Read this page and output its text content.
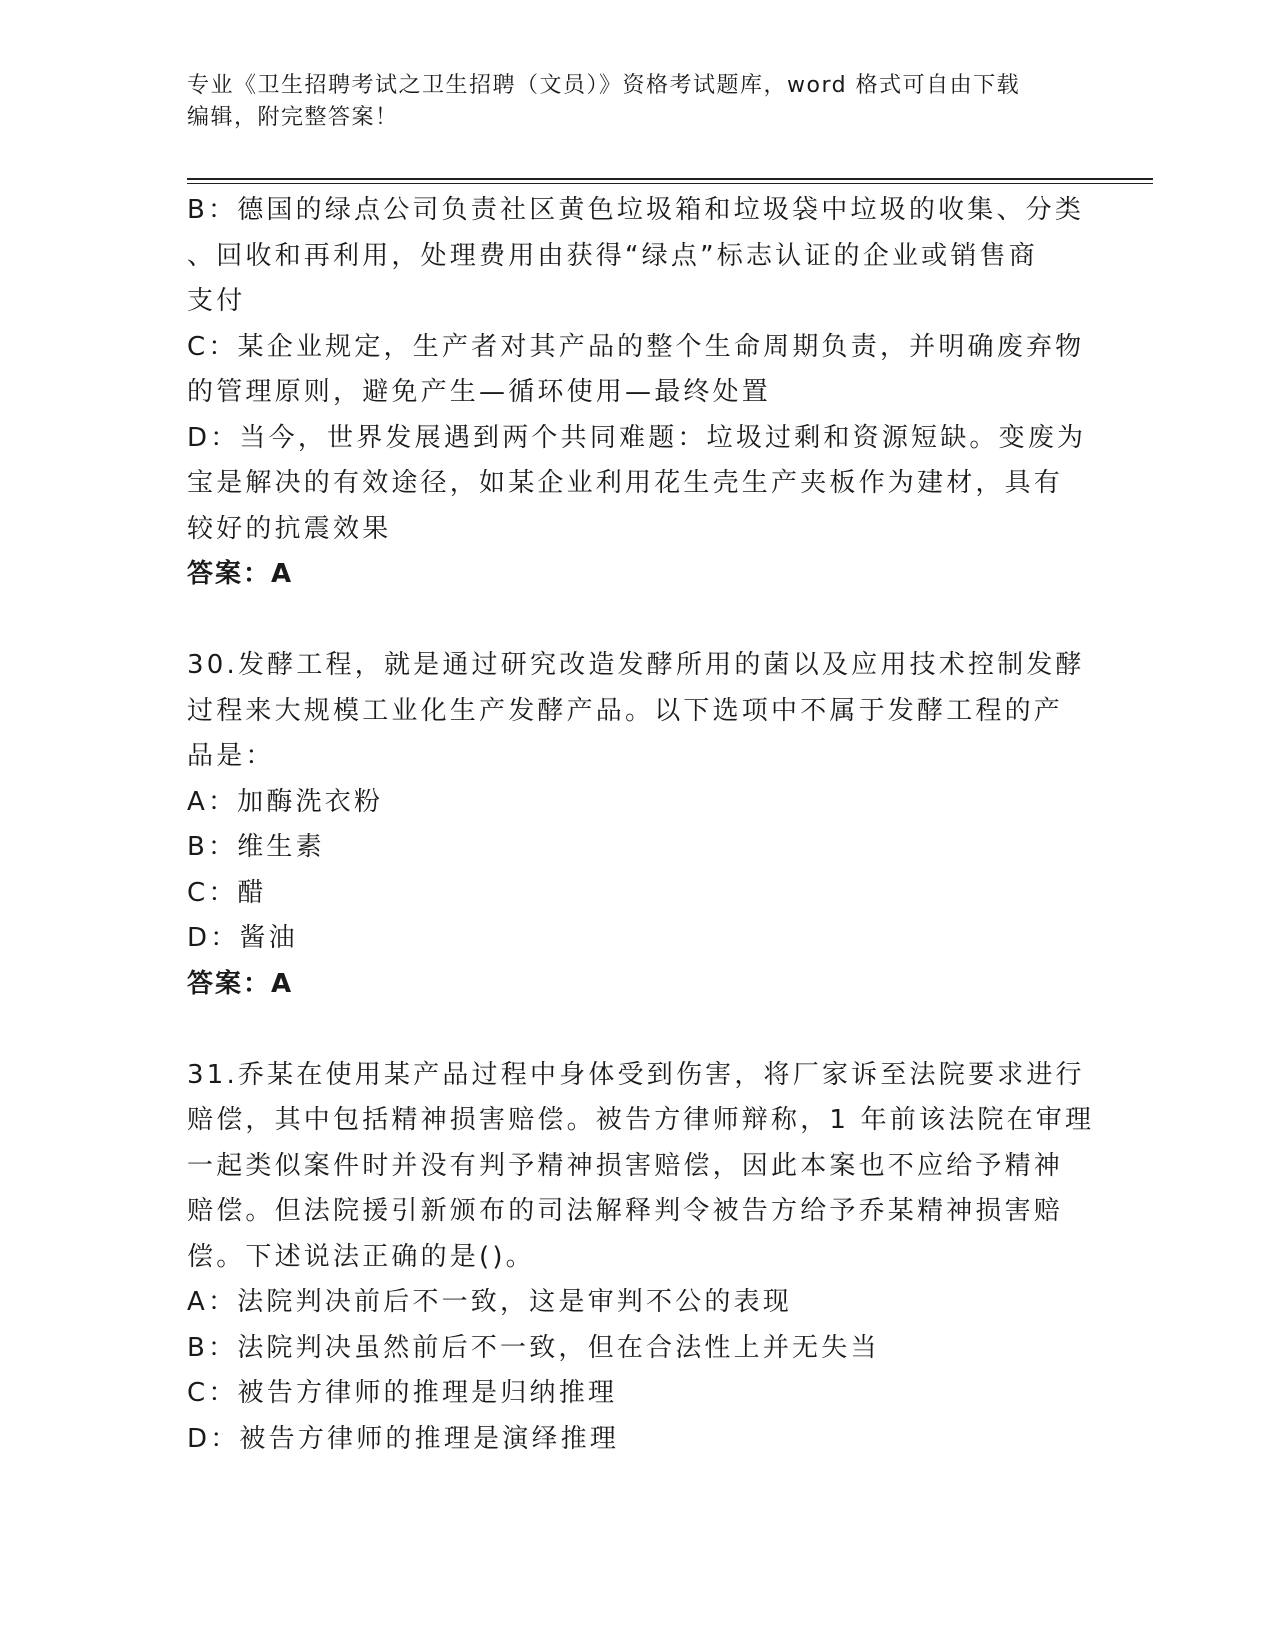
专业《卫生招聘考试之卫生招聘（文员）》资格考试题库，word 格式可自由下载
编辑，附完整答案！
B：德国的绿点公司负责社区黄色垃圾箱和垃圾袋中垃圾的收集、分类
、回收和再利用，处理费用由获得“绿点”标志认证的企业或销售商
支付
C：某企业规定，生产者对其产品的整个生命周期负责，并明确废弃物
的管理原则，避免产生—循环使用—最终处置
D：当今，世界发展遇到两个共同难题：垃圾过剩和资源短缺。变废为
宝是解决的有效途径，如某企业利用花生壳生产夹板作为建材，具有
较好的抗震效果
答案：A
30.发酵工程，就是通过研究改造发酵所用的菌以及应用技术控制发酵
过程来大规模工业化生产发酵产品。以下选项中不属于发酵工程的产
品是：
A：加酶洗衣粉
B：维生素
C：醋
D：酱油
答案：A
31.乔某在使用某产品过程中身体受到伤害，将厂家诉至法院要求进行
赔偿，其中包括精神损害赔偿。被告方律师辩称，1 年前该法院在审理
一起类似案件时并没有判予精神损害赔偿，因此本案也不应给予精神
赔偿。但法院援引新颁布的司法解释判令被告方给予乔某精神损害赔
偿。下述说法正确的是()。
A：法院判决前后不一致，这是审判不公的表现
B：法院判决虽然前后不一致，但在合法性上并无失当
C：被告方律师的推理是归纳推理
D：被告方律师的推理是演绎推理
